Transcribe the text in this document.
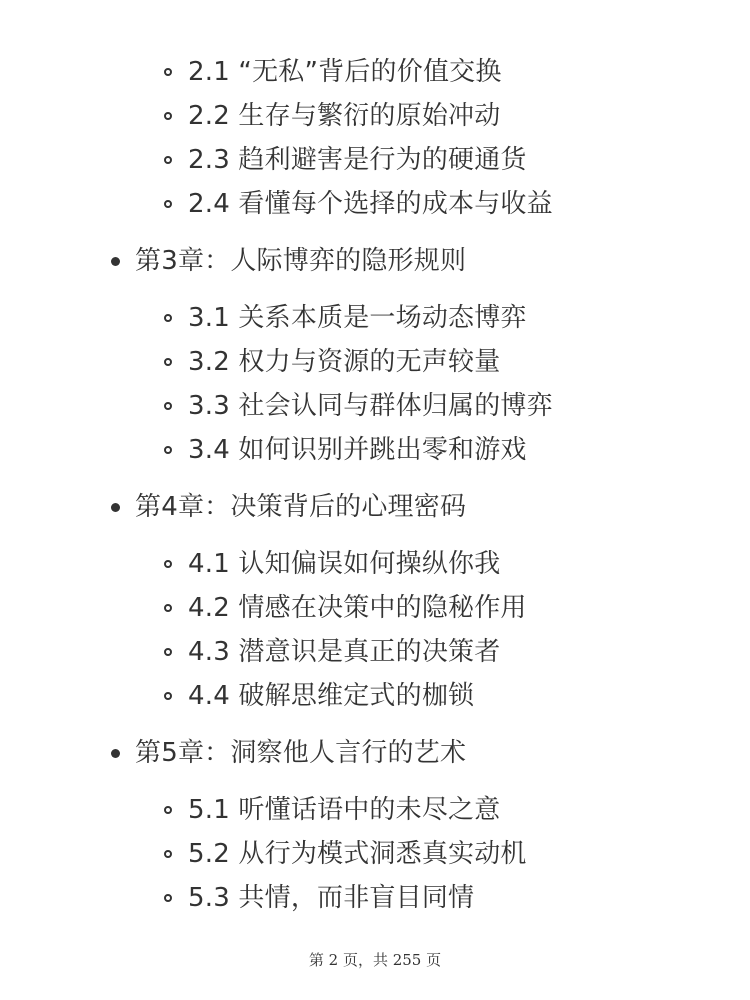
2.1 “无私”背后的价值交换
2.2 生存与繁衍的原始冲动
2.3 趋利避害是行为的硬通货
2.4 看懂每个选择的成本与收益
第3章：人际博弈的隐形规则
3.1 关系本质是一场动态博弈
3.2 权力与资源的无声较量
3.3 社会认同与群体归属的博弈
3.4 如何识别并跳出零和游戏
第4章：决策背后的心理密码
4.1 认知偏误如何操纵你我
4.2 情感在决策中的隐秘作用
4.3 潜意识是真正的决策者
4.4 破解思维定式的枷锁
第5章：洞察他人言行的艺术
5.1 听懂话语中的未尽之意
5.2 从行为模式洞悉真实动机
5.3 共情，而非盲目同情
第 2 页，共 255 页
